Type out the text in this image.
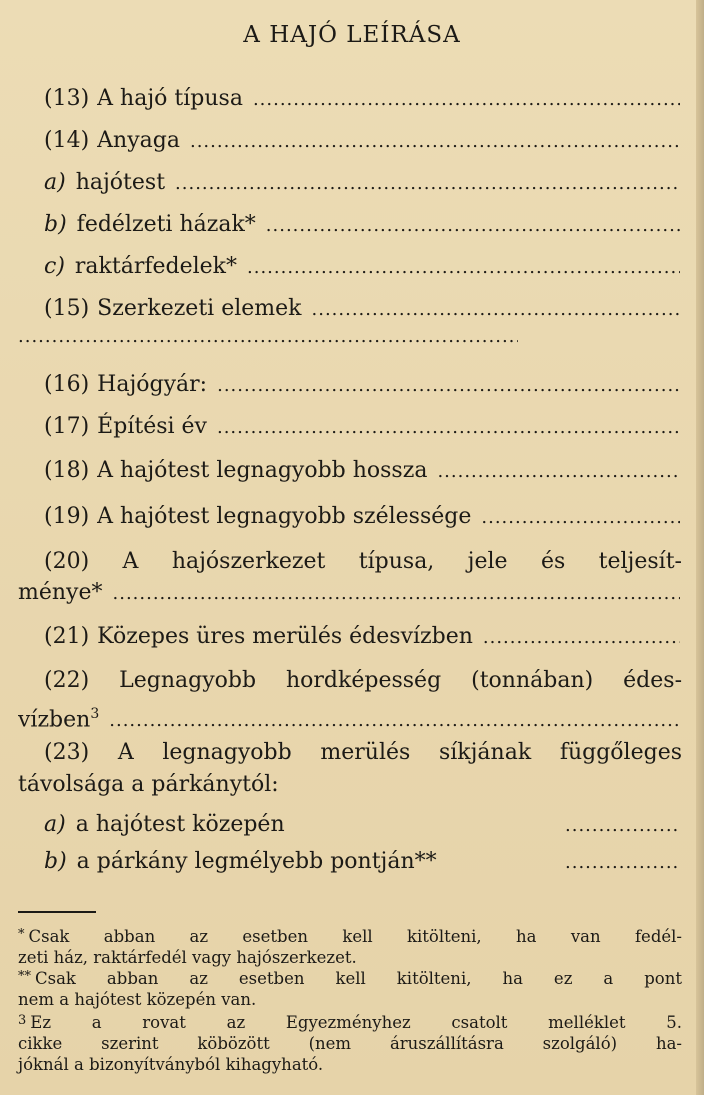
A HAJÓ LEÍRÁSA
(13) A hajó típusa
.....
(14) Anyaga
.....
a) hajótest
.....
b) fedélzeti házak*
.....
c) raktárfedelek*
.....
(15) Szerkezeti elemek
.....
.....
(16) Hajógyár:
.....
(17) Építési év
.....
(18) A hajótest legnagyobb hossza
.....
(19) A hajótest legnagyobb szélessége
.....
(20) A hajószerkezet típusa, jele és teljesít-
ménye*
.....
(21) Közepes üres merülés édesvízben
.....
(22) Legnagyobb hordképesség (tonnában) édes-
vízben$^3$
.....
(23) A legnagyobb merülés síkjának függőleges
távolsága a párkánytól:
a) a hajótest közepén
.....
b) a párkány legmélyebb pontján**
.....
* Csak abban az esetben kell kitölteni, ha van fedél-
zeti ház, raktárfedél vagy hajószerkezet.
** Csak abban az esetben kell kitölteni, ha ez a pont
nem a hajótest közepén van.
$^3$ Ez a rovat az Egyezményhez csatolt melléklet 5.
cikke szerint köbözött (nem áruszállításra szolgáló) ha-
jóknál a bizonyítványból kihagyható.
